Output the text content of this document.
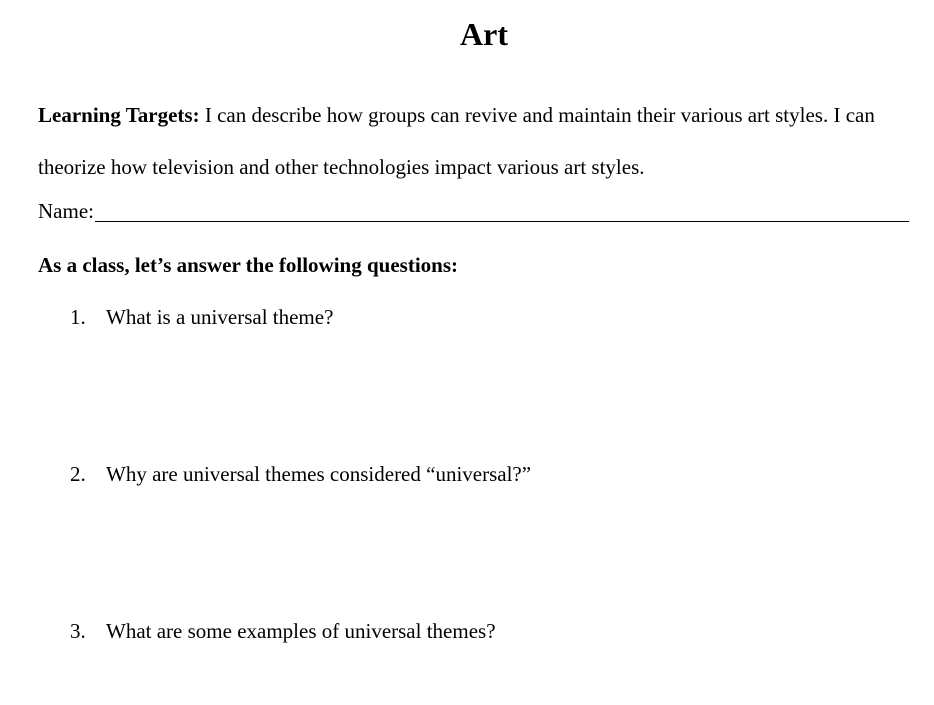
Art
Learning Targets: I can describe how groups can revive and maintain their various art styles. I can theorize how television and other technologies impact various art styles.
Name:
As a class, let’s answer the following questions:
1. What is a universal theme?
2. Why are universal themes considered “universal?”
3. What are some examples of universal themes?
